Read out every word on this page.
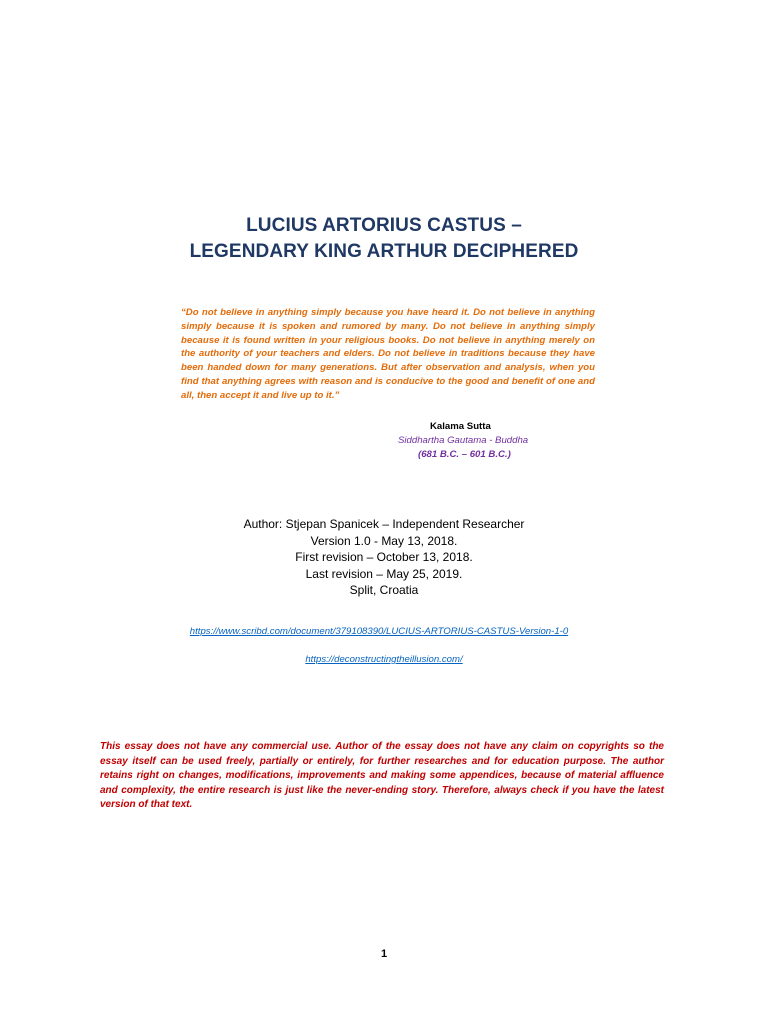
LUCIUS ARTORIUS CASTUS –
LEGENDARY KING ARTHUR DECIPHERED
“Do not believe in anything simply because you have heard it. Do not believe in anything simply because it is spoken and rumored by many. Do not believe in anything simply because it is found written in your religious books. Do not believe in anything merely on the authority of your teachers and elders. Do not believe in traditions because they have been handed down for many generations. But after observation and analysis, when you find that anything agrees with reason and is conducive to the good and benefit of one and all, then accept it and live up to it.”
Kalama Sutta
Siddhartha Gautama - Buddha
(681 B.C. – 601 B.C.)
Author: Stjepan Spanicek – Independent Researcher
Version 1.0 - May 13, 2018.
First revision – October 13, 2018.
Last revision – May 25, 2019.
Split, Croatia
https://www.scribd.com/document/379108390/LUCIUS-ARTORIUS-CASTUS-Version-1-0
https://deconstructingtheillusion.com/
This essay does not have any commercial use. Author of the essay does not have any claim on copyrights so the essay itself can be used freely, partially or entirely, for further researches and for education purpose. The author retains right on changes, modifications, improvements and making some appendices, because of material affluence and complexity, the entire research is just like the never-ending story. Therefore, always check if you have the latest version of that text.
1
